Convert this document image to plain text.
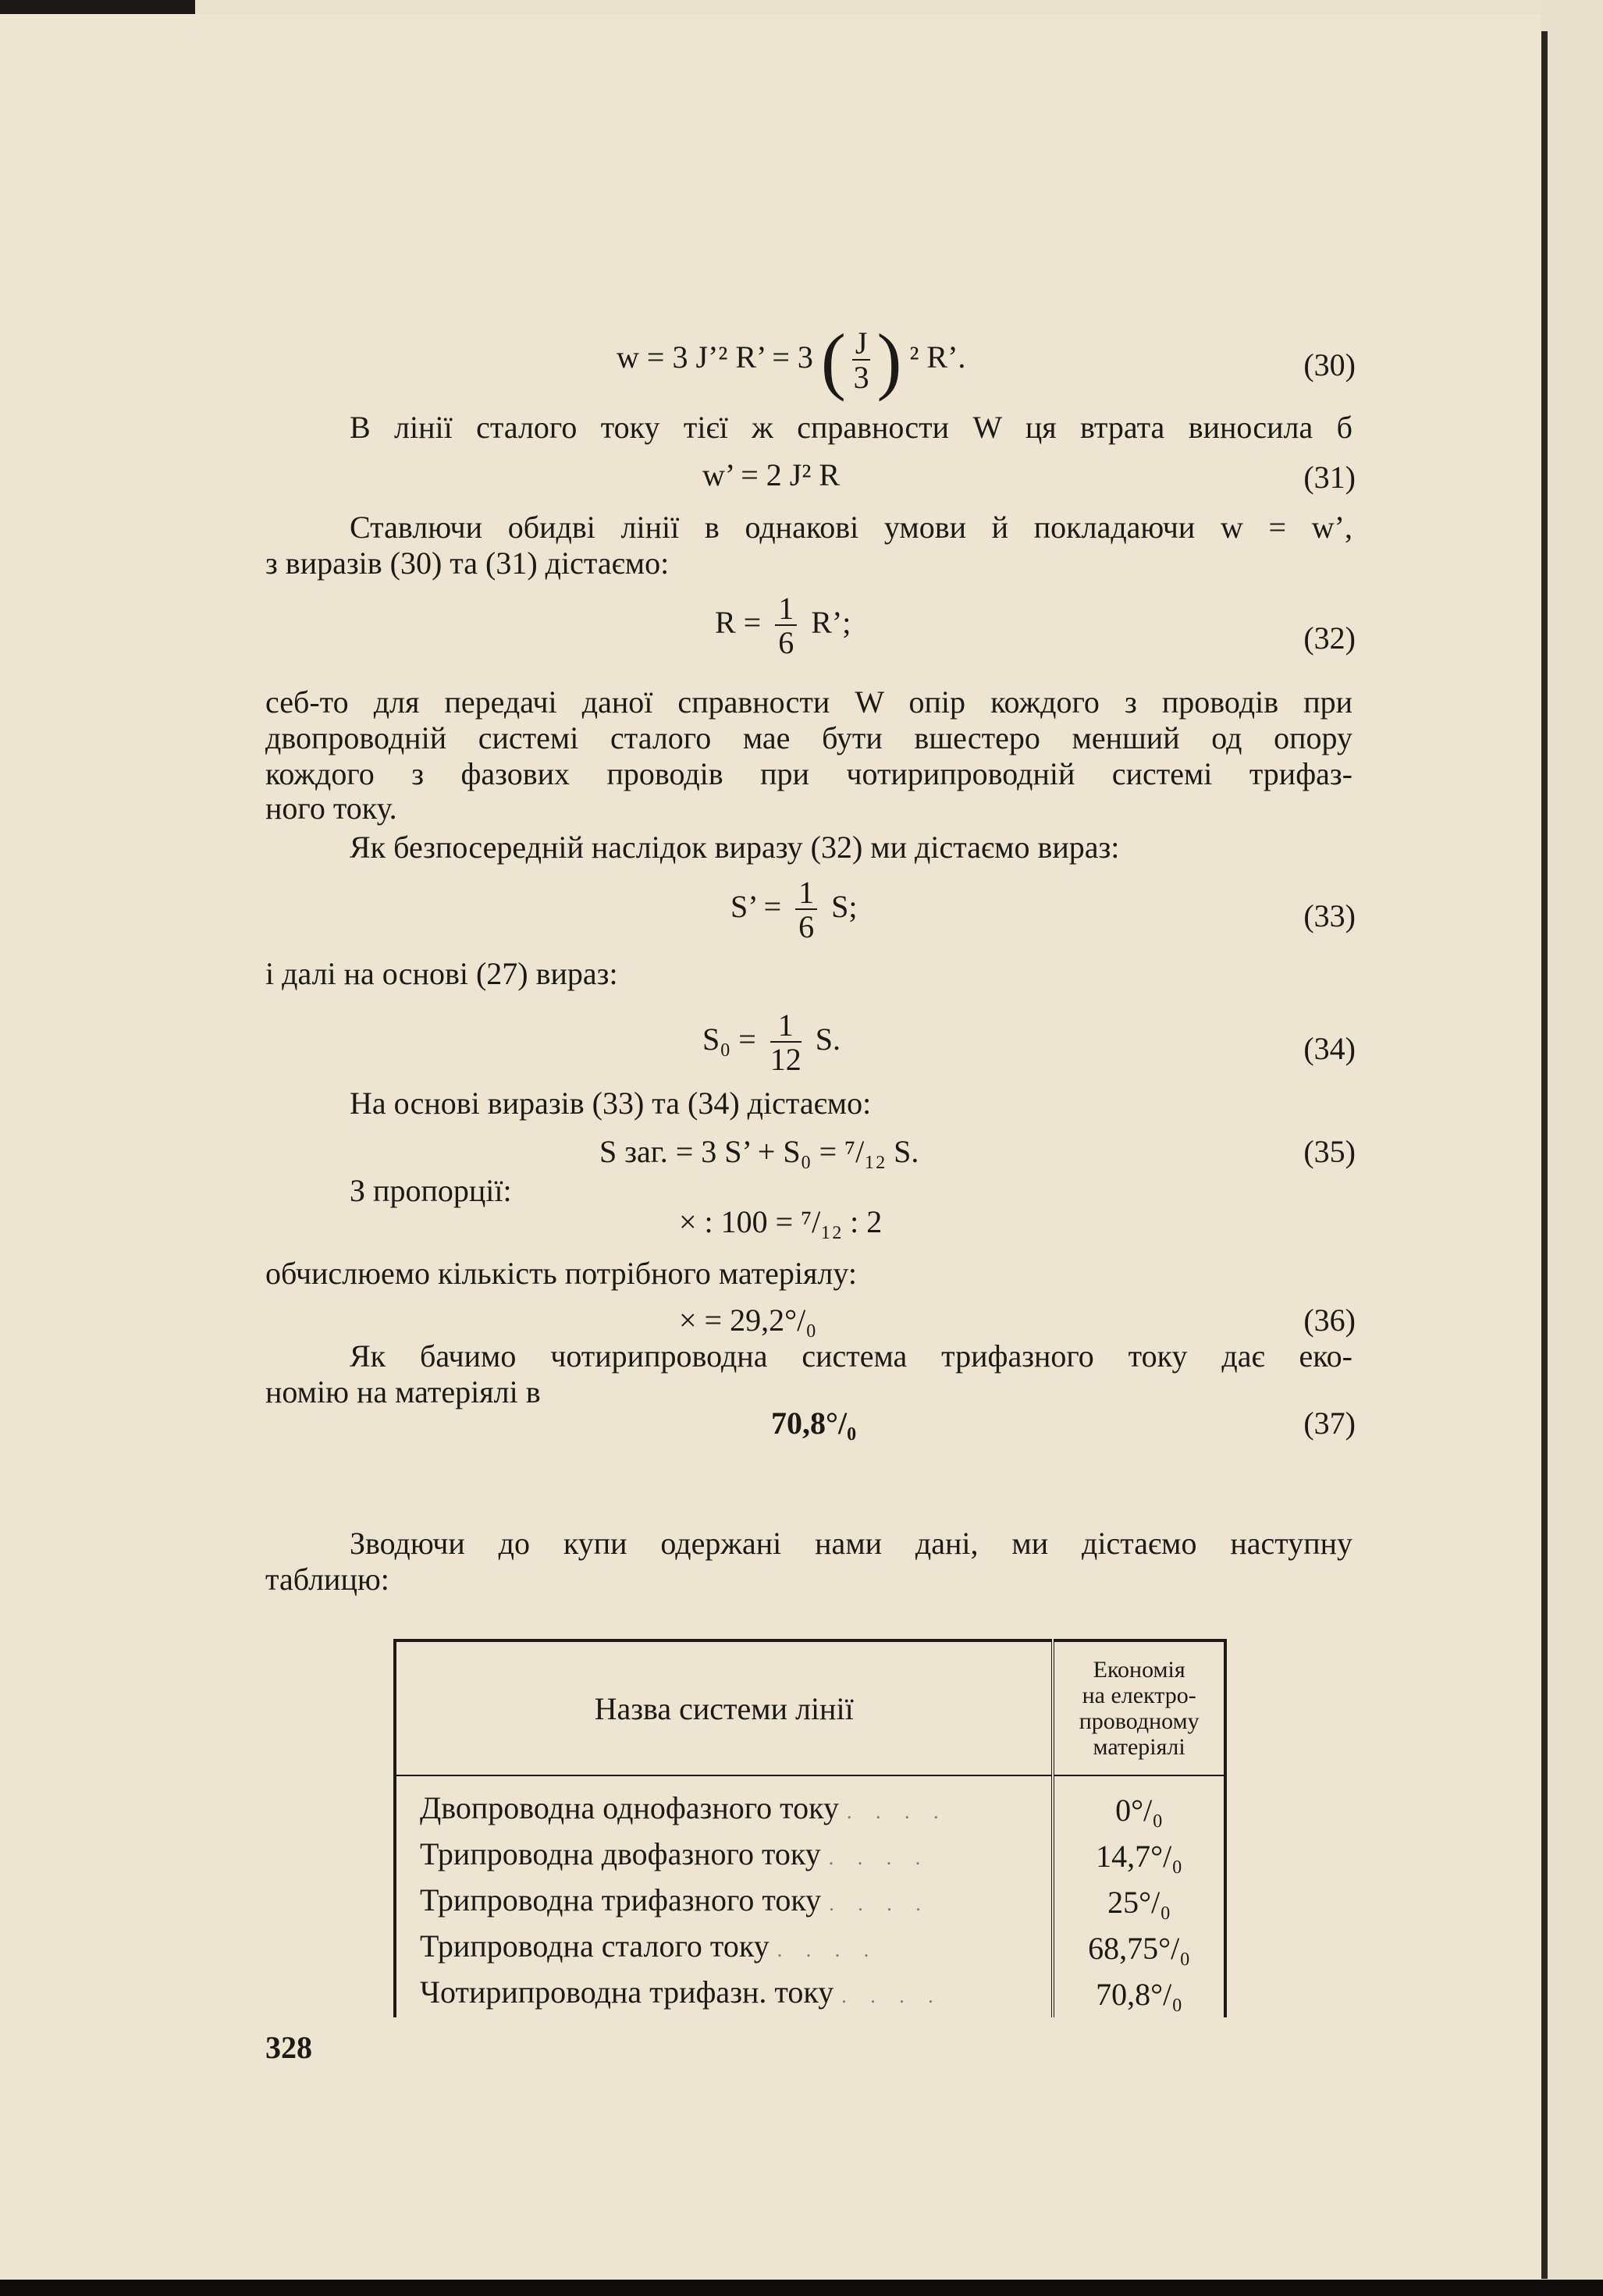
w = 3 J’² R’ = 3 ( $\frac{J}{3}$ ) ² R’.	(30)
В лінії сталого току тієї ж справности W ця втрата виносила б
w’ = 2 J² R	(31)
Ставлючи обидві лінії в однакові умови й покладаючи w = w’,
з виразів (30) та (31) дістаємо:
$R = \frac{1}{6} R$’;	(32)
себ-то для передачі даної справности W опір кождого з проводів при
двопроводній системі сталого мае бути вшестеро менший од опору
кождого з фазових проводів при чотирипроводній системі трифаз-
ного току.
Як безпосередній наслідок виразу (32) ми дістаємо вираз:
S’ = $\frac{1}{6} S$;	(33)
і далі на основі (27) вираз:
$S_0 = \frac{1}{12} S$.	(34)
На основі виразів (33) та (34) дістаємо:
S заг. = 3 S’ + S₀ = ⁷/₁₂ S.	(35)
З пропорції:
× : 100 = ⁷/₁₂ : 2
обчислюемо кількість потрібного матеріялу:
× = 29,2°/₀	(36)
Як бачимо чотирипроводна система трифазного току дає еко-
номію на матеріялі в
70,8°/₀	(37)
Зводючи до купи одержані нами дані, ми дістаємо наступну
таблицю:
Назва системи лінії	Економія
на електро-
проводному
матеріялі
Двопроводна однофазного току . . . .	0°/₀
Трипроводна двофазного току . . . .	14,7°/₀
Трипроводна трифазного току . . . .	25°/₀
Трипроводна сталого току . . . .	68,75°/₀
Чотирипроводна трифазн. току . . . .	70,8°/₀
328
